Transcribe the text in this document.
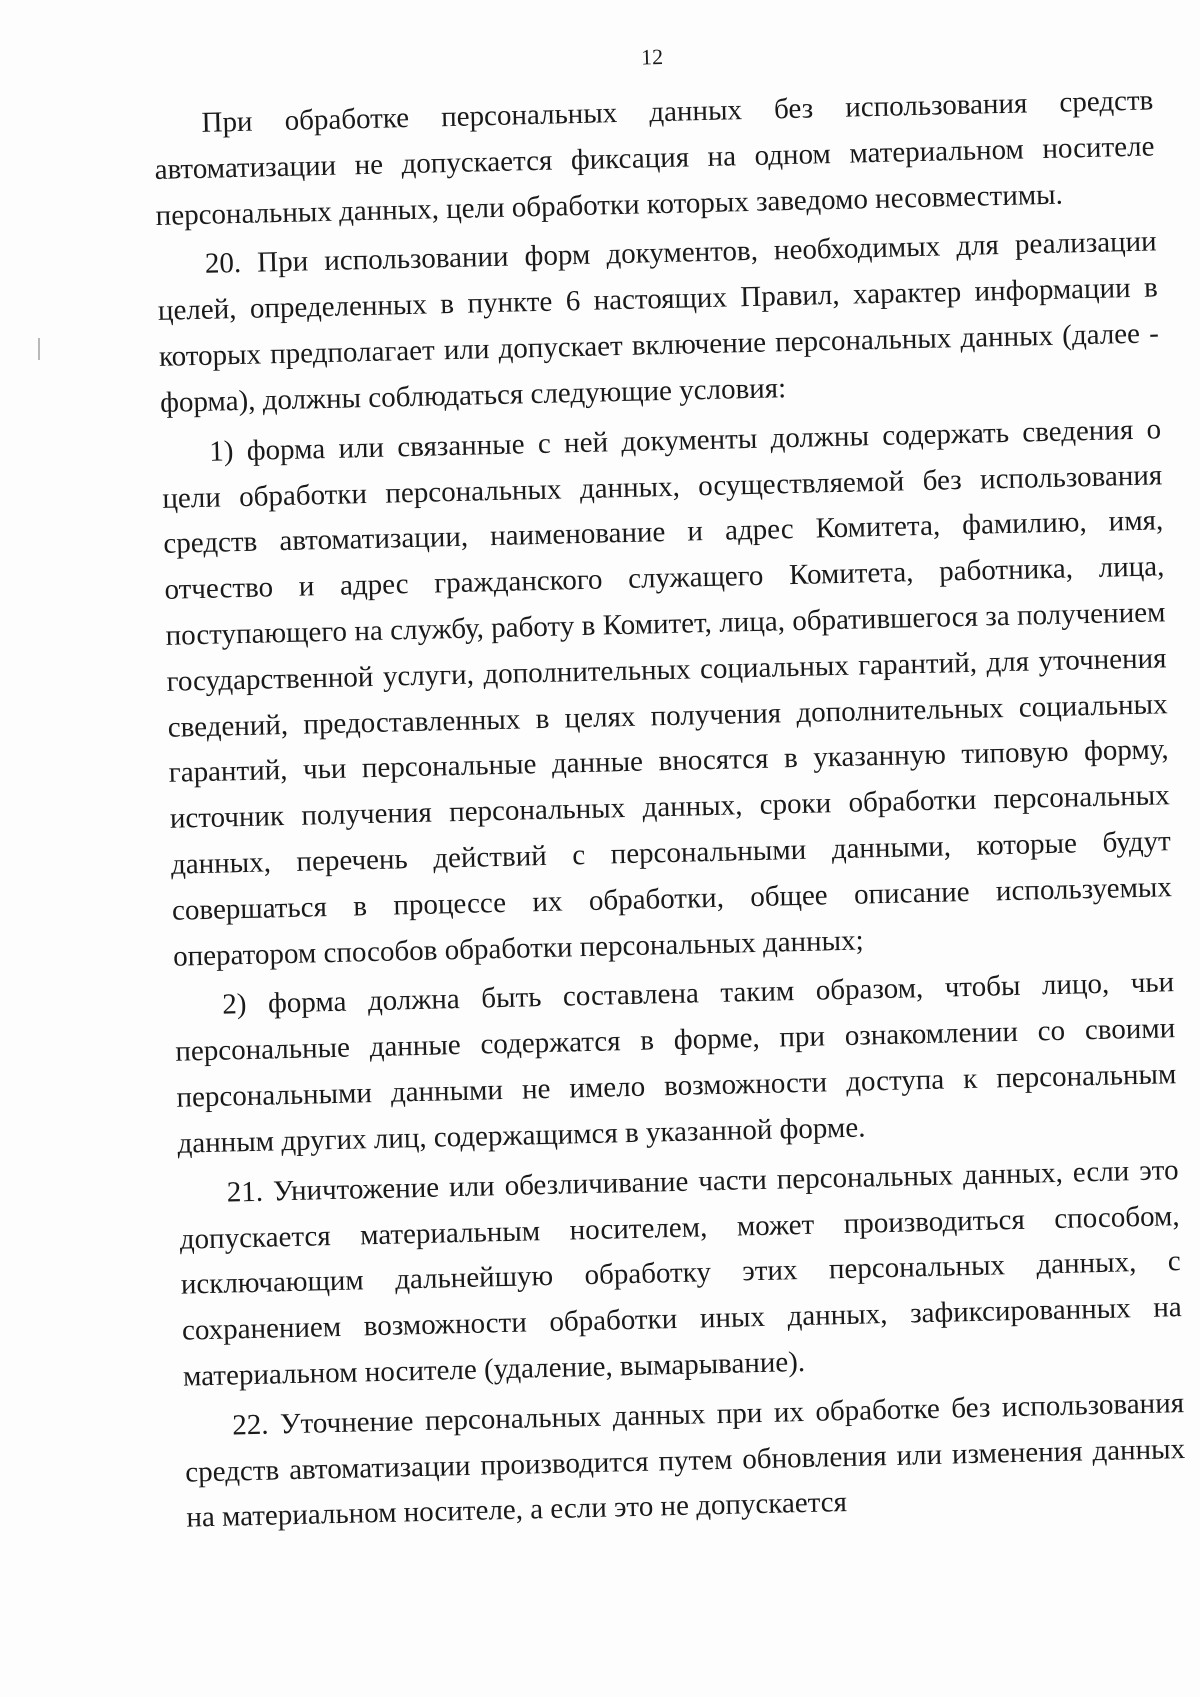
12

При обработке персональных данных без использования средств автоматизации не допускается фиксация на одном материальном носителе персональных данных, цели обработки которых заведомо несовместимы.

20. При использовании форм документов, необходимых для реализации целей, определенных в пункте 6 настоящих Правил, характер информации в которых предполагает или допускает включение персональных данных (далее - форма), должны соблюдаться следующие условия:

1) форма или связанные с ней документы должны содержать сведения о цели обработки персональных данных, осуществляемой без использования средств автоматизации, наименование и адрес Комитета, фамилию, имя, отчество и адрес гражданского служащего Комитета, работника, лица, поступающего на службу, работу в Комитет, лица, обратившегося за получением государственной услуги, дополнительных социальных гарантий, для уточнения сведений, предоставленных в целях получения дополнительных социальных гарантий, чьи персональные данные вносятся в указанную типовую форму, источник получения персональных данных, сроки обработки персональных данных, перечень действий с персональными данными, которые будут совершаться в процессе их обработки, общее описание используемых оператором способов обработки персональных данных;

2) форма должна быть составлена таким образом, чтобы лицо, чьи персональные данные содержатся в форме, при ознакомлении со своими персональными данными не имело возможности доступа к персональным данным других лиц, содержащимся в указанной форме.

21. Уничтожение или обезличивание части персональных данных, если это допускается материальным носителем, может производиться способом, исключающим дальнейшую обработку этих персональных данных, с сохранением возможности обработки иных данных, зафиксированных на материальном носителе (удаление, вымарывание).

22. Уточнение персональных данных при их обработке без использования средств автоматизации производится путем обновления или изменения данных на материальном носителе, а если это не допускается
